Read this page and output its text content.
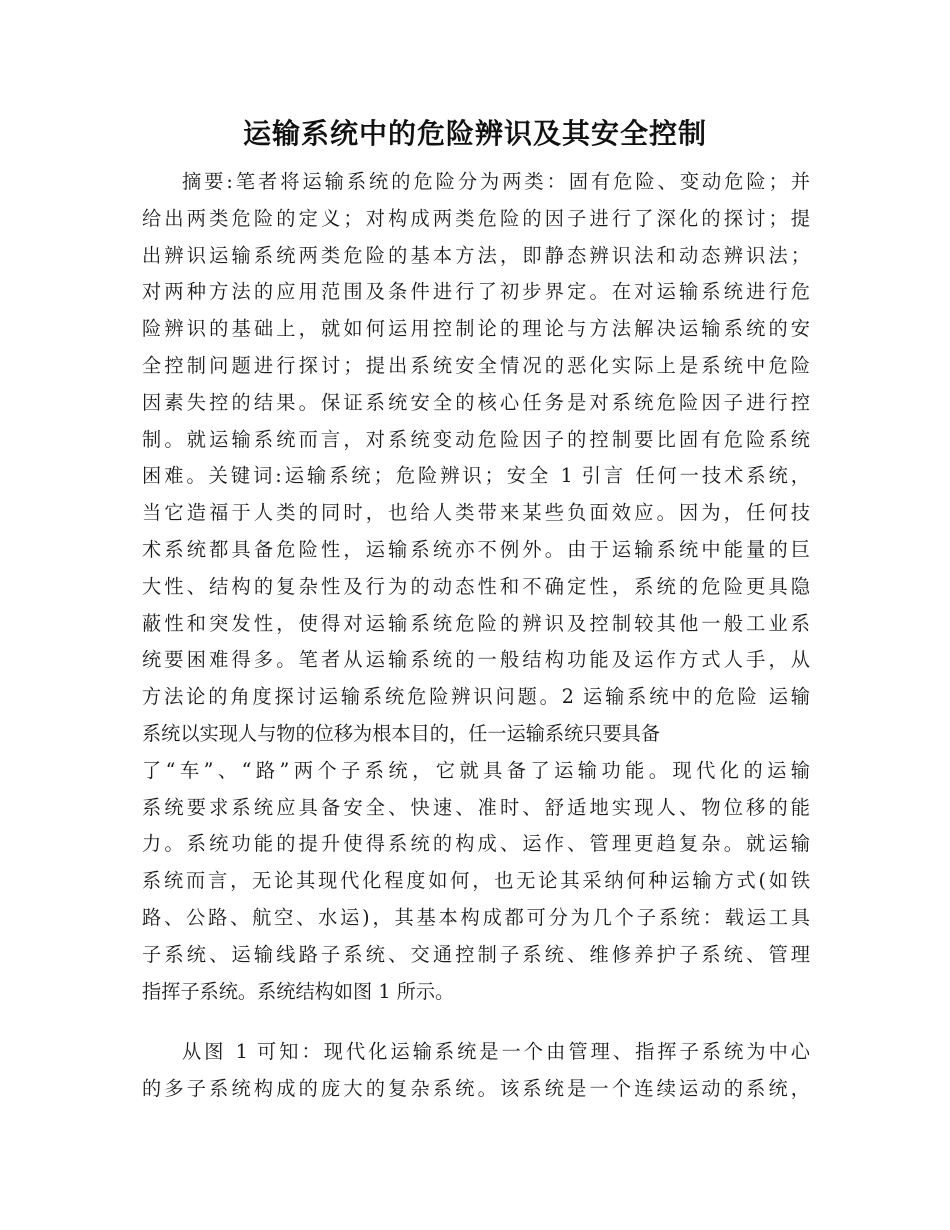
运输系统中的危险辨识及其安全控制
摘要:笔者将运输系统的危险分为两类：固有危险、变动危险；并
给出两类危险的定义；对构成两类危险的因子进行了深化的探讨；提
出辨识运输系统两类危险的基本方法，即静态辨识法和动态辨识法；
对两种方法的应用范围及条件进行了初步界定。在对运输系统进行危
险辨识的基础上，就如何运用控制论的理论与方法解决运输系统的安
全控制问题进行探讨；提出系统安全情况的恶化实际上是系统中危险
因素失控的结果。保证系统安全的核心任务是对系统危险因子进行控
制。就运输系统而言，对系统变动危险因子的控制要比固有危险系统
困难。关键词:运输系统；危险辨识；安全 1 引言 任何一技术系统，
当它造福于人类的同时，也给人类带来某些负面效应。因为，任何技
术系统都具备危险性，运输系统亦不例外。由于运输系统中能量的巨
大性、结构的复杂性及行为的动态性和不确定性，系统的危险更具隐
蔽性和突发性，使得对运输系统危险的辨识及控制较其他一般工业系
统要困难得多。笔者从运输系统的一般结构功能及运作方式人手，从
方法论的角度探讨运输系统危险辨识问题。2 运输系统中的危险 运输
系统以实现人与物的位移为根本目的，任一运输系统只要具备
了“车”、“路”两个子系统，它就具备了运输功能。现代化的运输
系统要求系统应具备安全、快速、准时、舒适地实现人、物位移的能
力。系统功能的提升使得系统的构成、运作、管理更趋复杂。就运输
系统而言，无论其现代化程度如何，也无论其采纳何种运输方式(如铁
路、公路、航空、水运)，其基本构成都可分为几个子系统：载运工具
子系统、运输线路子系统、交通控制子系统、维修养护子系统、管理
指挥子系统。系统结构如图 1 所示。
从图 1 可知：现代化运输系统是一个由管理、指挥子系统为中心
的多子系统构成的庞大的复杂系统。该系统是一个连续运动的系统，
